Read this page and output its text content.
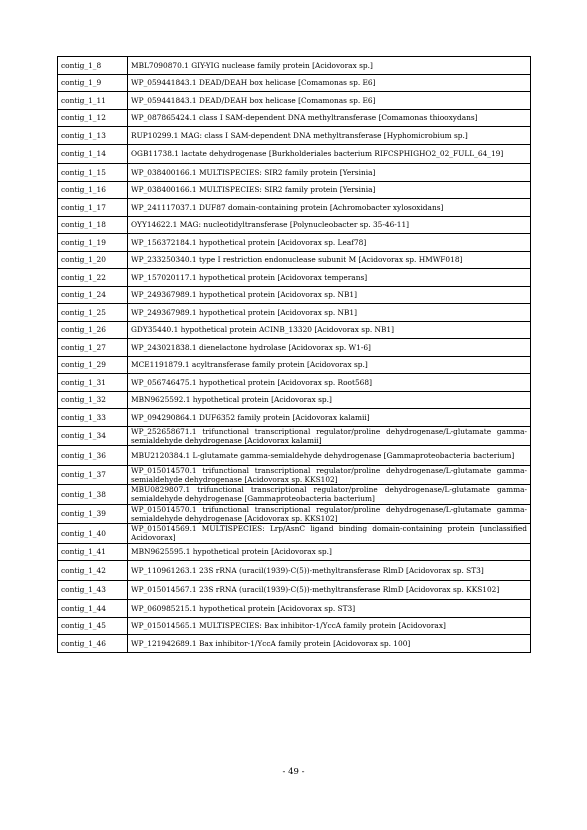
contig_1_8	MBL7090870.1 GIY-YIG nuclease family protein [Acidovorax sp.]
contig_1_9	WP_059441843.1 DEAD/DEAH box helicase [Comamonas sp. E6]
contig_1_11	WP_059441843.1 DEAD/DEAH box helicase [Comamonas sp. E6]
contig_1_12	WP_087865424.1 class I SAM-dependent DNA methyltransferase [Comamonas thiooxydans]
contig_1_13	RUP10299.1 MAG: class I SAM-dependent DNA methyltransferase [Hyphomicrobium sp.]
contig_1_14	OGB11738.1 lactate dehydrogenase [Burkholderiales bacterium RIFCSPHIGHO2_02_FULL_64_19]
contig_1_15	WP_038400166.1 MULTISPECIES: SIR2 family protein [Yersinia]
contig_1_16	WP_038400166.1 MULTISPECIES: SIR2 family protein [Yersinia]
contig_1_17	WP_241117037.1 DUF87 domain-containing protein [Achromobacter xylosoxidans]
contig_1_18	OYY14622.1 MAG: nucleotidyltransferase [Polynucleobacter sp. 35-46-11]
contig_1_19	WP_156372184.1 hypothetical protein [Acidovorax sp. Leaf78]
contig_1_20	WP_233250340.1 type I restriction endonuclease subunit M [Acidovorax sp. HMWF018]
contig_1_22	WP_157020117.1 hypothetical protein [Acidovorax temperans]
contig_1_24	WP_249367989.1 hypothetical protein [Acidovorax sp. NB1]
contig_1_25	WP_249367989.1 hypothetical protein [Acidovorax sp. NB1]
contig_1_26	GDY35440.1 hypothetical protein ACINB_13320 [Acidovorax sp. NB1]
contig_1_27	WP_243021838.1 dienelactone hydrolase [Acidovorax sp. W1-6]
contig_1_29	MCE1191879.1 acyltransferase family protein [Acidovorax sp.]
contig_1_31	WP_056746475.1 hypothetical protein [Acidovorax sp. Root568]
contig_1_32	MBN9625592.1 hypothetical protein [Acidovorax sp.]
contig_1_33	WP_094290864.1 DUF6352 family protein [Acidovorax kalamii]
contig_1_34	WP_252658671.1 trifunctional transcriptional regulator/proline dehydrogenase/L-glutamate gamma-semialdehyde dehydrogenase [Acidovorax kalamii]
contig_1_36	MBU2120384.1 L-glutamate gamma-semialdehyde dehydrogenase [Gammaproteobacteria bacterium]
contig_1_37	WP_015014570.1 trifunctional transcriptional regulator/proline dehydrogenase/L-glutamate gamma-semialdehyde dehydrogenase [Acidovorax sp. KKS102]
contig_1_38	MBU0829807.1 trifunctional transcriptional regulator/proline dehydrogenase/L-glutamate gamma-semialdehyde dehydrogenase [Gammaproteobacteria bacterium]
contig_1_39	WP_015014570.1 trifunctional transcriptional regulator/proline dehydrogenase/L-glutamate gamma-semialdehyde dehydrogenase [Acidovorax sp. KKS102]
contig_1_40	WP_015014569.1 MULTISPECIES: Lrp/AsnC ligand binding domain-containing protein [unclassified Acidovorax]
contig_1_41	MBN9625595.1 hypothetical protein [Acidovorax sp.]
contig_1_42	WP_110961263.1 23S rRNA (uracil(1939)-C(5))-methyltransferase RlmD [Acidovorax sp. ST3]
contig_1_43	WP_015014567.1 23S rRNA (uracil(1939)-C(5))-methyltransferase RlmD [Acidovorax sp. KKS102]
contig_1_44	WP_060985215.1 hypothetical protein [Acidovorax sp. ST3]
contig_1_45	WP_015014565.1 MULTISPECIES: Bax inhibitor-1/YccA family protein [Acidovorax]
contig_1_46	WP_121942689.1 Bax inhibitor-1/YccA family protein [Acidovorax sp. 100]
- 49 -
